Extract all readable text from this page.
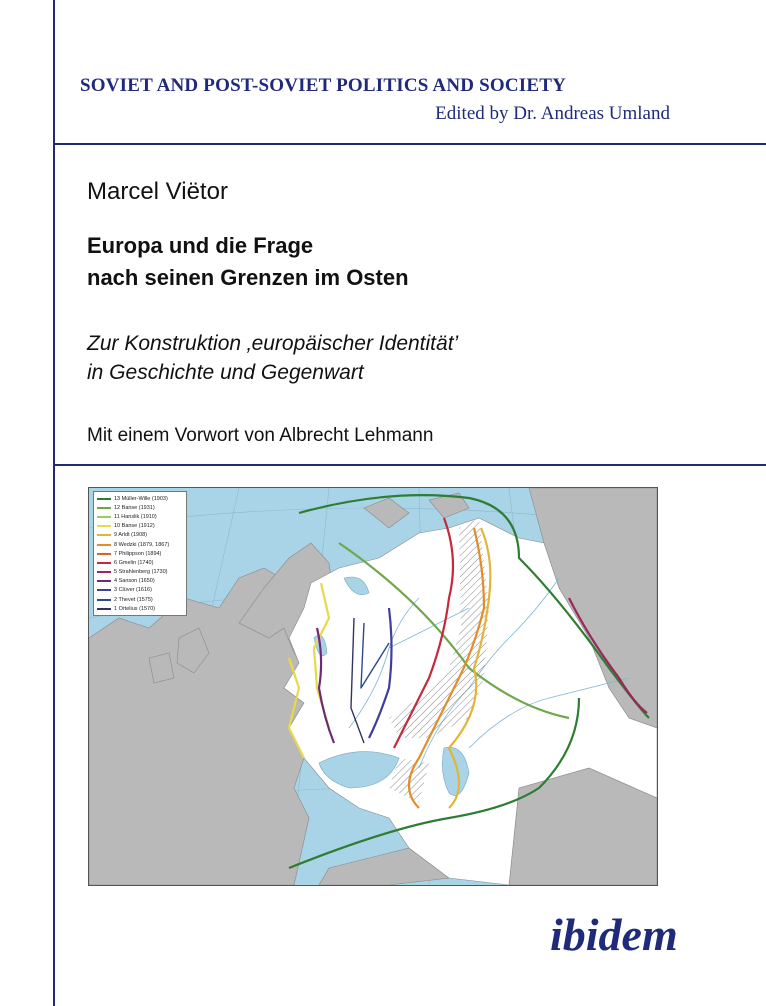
SOVIET AND POST-SOVIET POLITICS AND SOCIETY
Edited by Dr. Andreas Umland
Marcel Viëtor
Europa und die Frage
nach seinen Grenzen im Osten
Zur Konstruktion ‚europäischer Identität’
in Geschichte und Gegenwart
Mit einem Vorwort von Albrecht Lehmann
13 Müller-Wille (1903)
12 Banse (1931)
11 Hanslik (1910)
10 Banse (1912)
9 Arldt (1908)
8 Wedzki (1879, 1867)
7 Philippson (1894)
6 Gmelin (1740)
5 Strahlenberg (1730)
4 Sanson (1650)
3 Clüver (1616)
2 Thevet (1575)
1 Ortelius (1570)
ibidem
